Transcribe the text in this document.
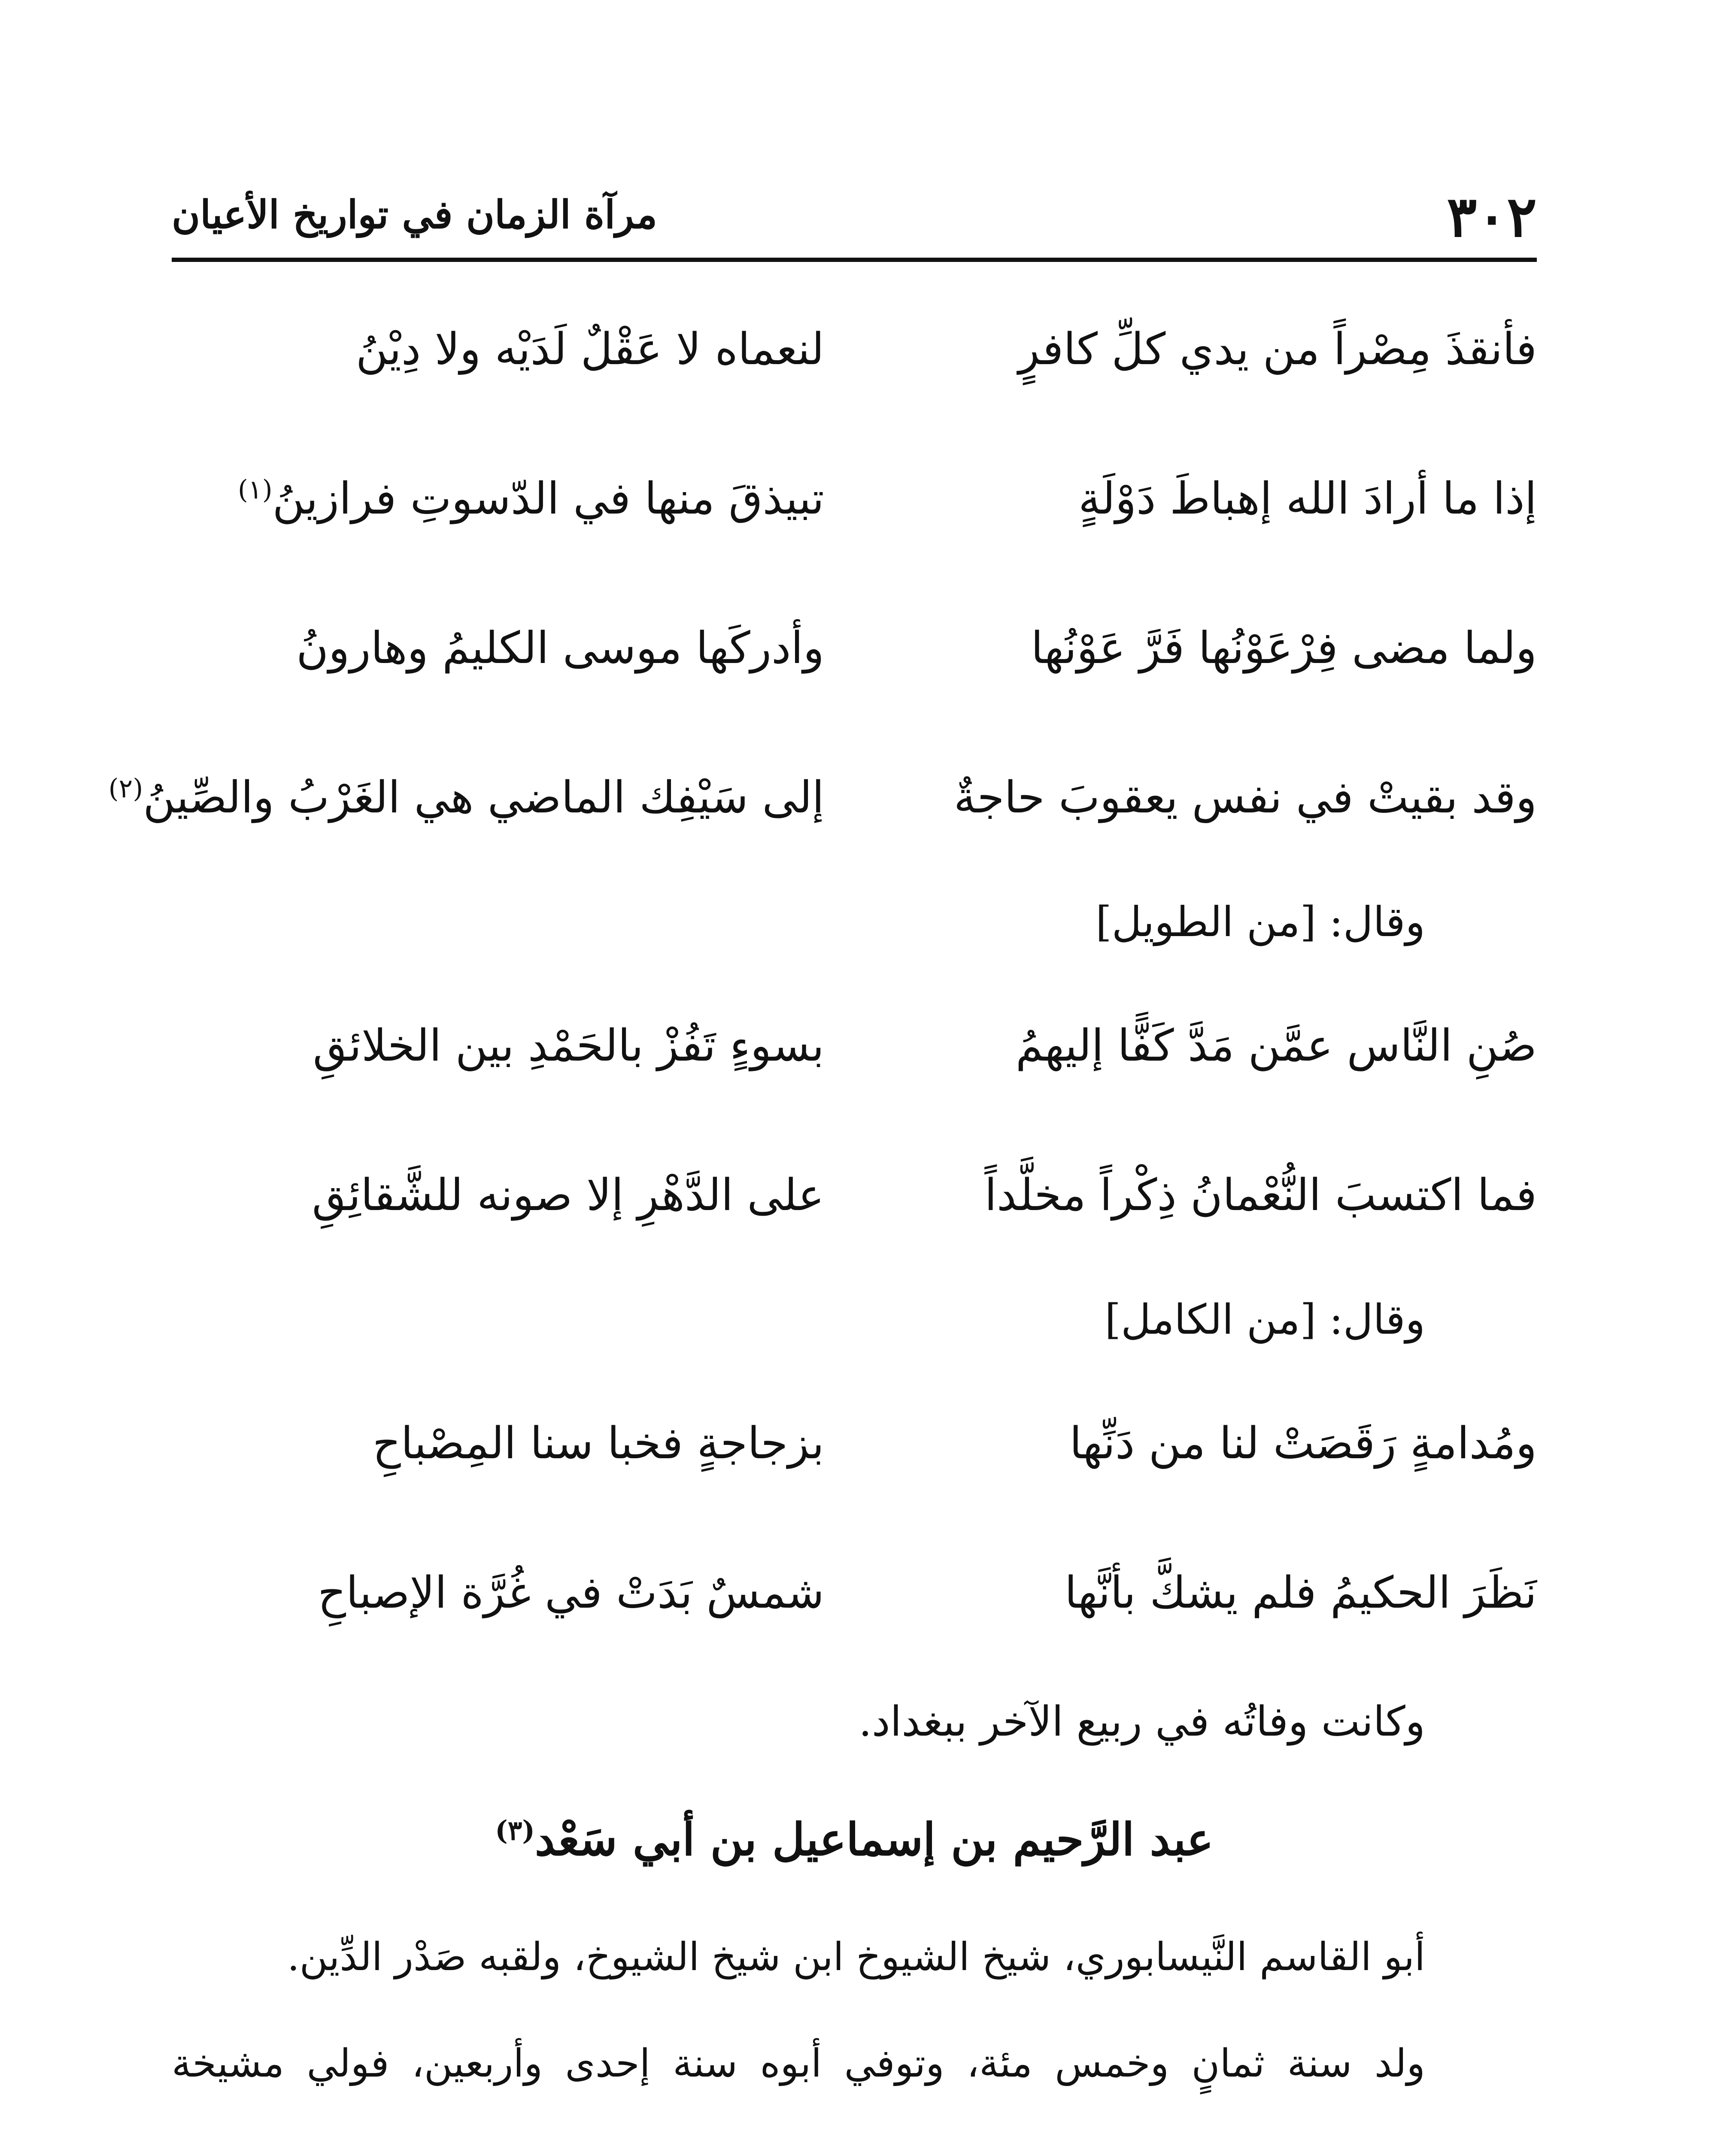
٣٠٢
مرآة الزمان في تواريخ الأعيان
فأنقذَ مِصْراً من يدي كلِّ كافرٍ
لنعماه لا عَقْلٌ لَدَيْه ولا دِيْنُ
إذا ما أرادَ الله إهباطَ دَوْلَةٍ
تبيذقَ منها في الدّسوتِ فرازينُ$^{(١)}$
ولما مضى فِرْعَوْنُها فَرَّ عَوْنُها
وأدركَها موسى الكليمُ وهارونُ
وقد بقيتْ في نفس يعقوبَ حاجةٌ
إلى سَيْفِك الماضي هي الغَرْبُ والصِّينُ$^{(٢)}$
وقال: [من الطويل]
صُنِ النَّاس عمَّن مَدَّ كَفًّا إليهمُ
بسوءٍ تَفُزْ بالحَمْدِ بين الخلائقِ
فما اكتسبَ النُّعْمانُ ذِكْراً مخلَّداً
على الدَّهْرِ إلا صونه للشَّقائِقِ
وقال: [من الكامل]
ومُدامةٍ رَقَصَتْ لنا من دَنِّها
بزجاجةٍ فخبا سنا المِصْباحِ
نَظَرَ الحكيمُ فلم يشكَّ بأنَّها
شمسٌ بَدَتْ في غُرَّة الإصباحِ
وكانت وفاتُه في ربيع الآخر ببغداد.
عبد الرَّحيم بن إسماعيل بن أبي سَعْد$^{(٣)}$

أبو القاسم النَّيسابوري، شيخ الشيوخ ابن شيخ الشيوخ، ولقبه صَدْر الدِّين.

ولد سنة ثمانٍ وخمس مئة، وتوفي أبوه سنة إحدى وأربعين، فولي مشيخة
